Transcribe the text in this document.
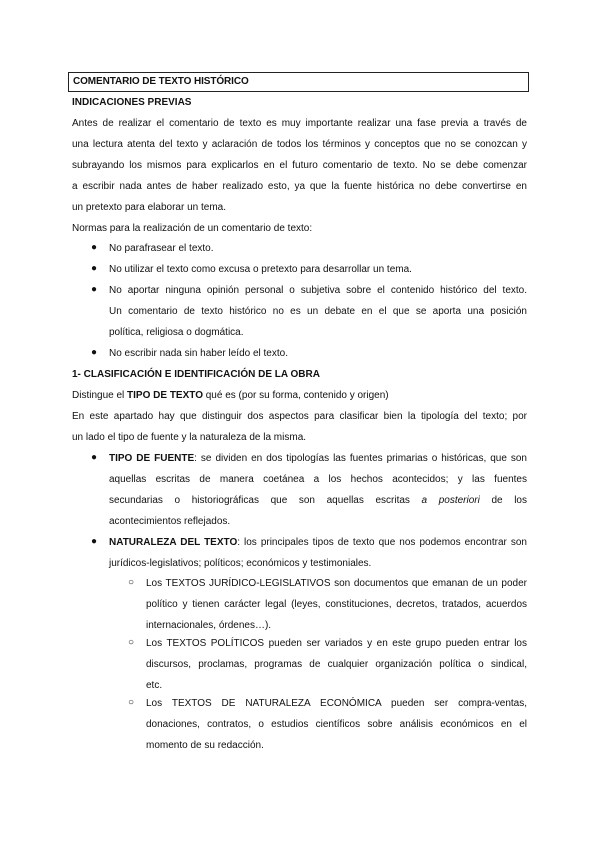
COMENTARIO DE TEXTO HISTÓRICO
INDICACIONES PREVIAS
Antes de realizar el comentario de texto es muy importante realizar una fase previa a través de
una lectura atenta del texto y aclaración de todos los términos y conceptos que no se conozcan y
subrayando los mismos para explicarlos en el futuro comentario de texto. No se debe comenzar
a escribir nada antes de haber realizado esto, ya que la fuente histórica no debe convertirse en
un pretexto para elaborar un tema.
Normas para la realización de un comentario de texto:
● No parafrasear el texto.
● No utilizar el texto como excusa o pretexto para desarrollar un tema.
● No aportar ninguna opinión personal o subjetiva sobre el contenido histórico del texto.
Un comentario de texto histórico no es un debate en el que se aporta una posición
política, religiosa o dogmática.
● No escribir nada sin haber leído el texto.
1- CLASIFICACIÓN E IDENTIFICACIÓN DE LA OBRA
Distingue el TIPO DE TEXTO qué es (por su forma, contenido y origen)
En este apartado hay que distinguir dos aspectos para clasificar bien la tipología del texto; por
un lado el tipo de fuente y la naturaleza de la misma.
● TIPO DE FUENTE: se dividen en dos tipologías las fuentes primarias o históricas, que son
aquellas escritas de manera coetánea a los hechos acontecidos; y las fuentes
secundarias o historiográficas que son aquellas escritas a posteriori de los
acontecimientos reflejados.
● NATURALEZA DEL TEXTO: los principales tipos de texto que nos podemos encontrar son
jurídicos-legislativos; políticos; económicos y testimoniales.
○ Los TEXTOS JURÍDICO-LEGISLATIVOS son documentos que emanan de un poder
político y tienen carácter legal (leyes, constituciones, decretos, tratados, acuerdos
internacionales, órdenes…).
○ Los TEXTOS POLÍTICOS pueden ser variados y en este grupo pueden entrar los
discursos, proclamas, programas de cualquier organización política o sindical,
etc.
○ Los TEXTOS DE NATURALEZA ECONÓMICA pueden ser compra-ventas,
donaciones, contratos, o estudios científicos sobre análisis económicos en el
momento de su redacción.
